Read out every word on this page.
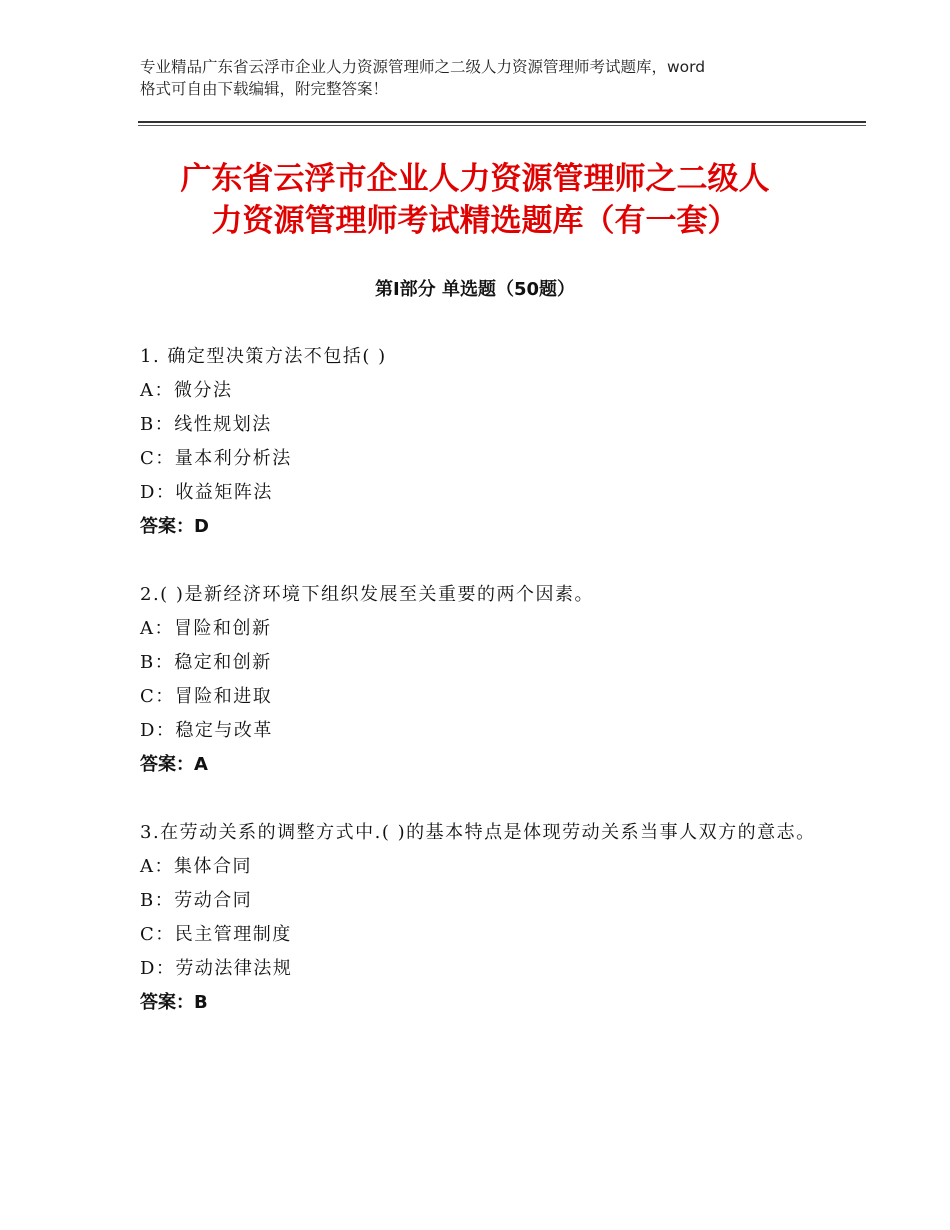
专业精品广东省云浮市企业人力资源管理师之二级人力资源管理师考试题库，word
格式可自由下载编辑，附完整答案！
广东省云浮市企业人力资源管理师之二级人
力资源管理师考试精选题库（有一套）
第Ⅰ部分 单选题（50题）
1. 确定型决策方法不包括( )
A：微分法
B：线性规划法
C：量本利分析法
D：收益矩阵法
答案：D
2.( )是新经济环境下组织发展至关重要的两个因素。
A：冒险和创新
B：稳定和创新
C：冒险和进取
D：稳定与改革
答案：A
3.在劳动关系的调整方式中.( )的基本特点是体现劳动关系当事人双方的意志。
A：集体合同
B：劳动合同
C：民主管理制度
D：劳动法律法规
答案：B
